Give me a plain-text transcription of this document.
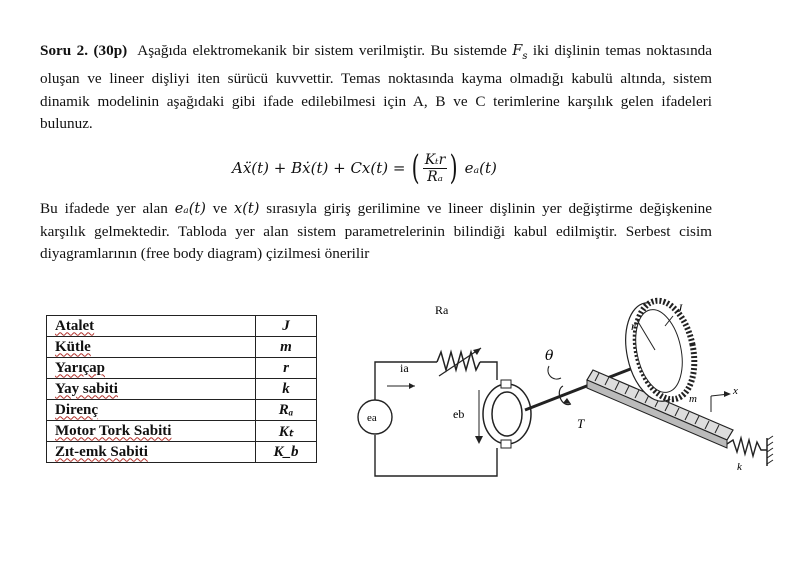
Soru 2. (30p) Aşağıda elektromekanik bir sistem verilmiştir. Bu sistemde $F_s$ iki dişlinin temas noktasında oluşan ve lineer dişliyi iten sürücü kuvvettir. Temas noktasında kayma olmadığı kabulü altında, sistem dinamik modelinin aşağıdaki gibi ifade edilebilmesi için A, B ve C terimlerine karşılık gelen ifadeleri bulunuz.
Aẍ(t) + Bẋ(t) + Cx(t) = ( $\frac{\text{Kₜr}}{\text{Rₐ}}$ ) eₐ(t)
Bu ifadede yer alan eₐ(t) ve x(t) sırasıyla giriş gerilimine ve lineer dişlinin yer değiştirme değişkenine karşılık gelmektedir. Tabloda yer alan sistem parametrelerinin bilindiği kabul edilmiştir. Serbest cisim diyagramlarının (free body diagram) çizilmesi önerilir
Atalet	J
Kütle	m
Yarıçap	r
Yay sabiti	k
Direnç	Rₐ
Motor Tork Sabiti	Kₜ
Zıt-emk Sabiti	K_b
Ra
ia
ea	eb
T
θ
r
J
m
x
k
